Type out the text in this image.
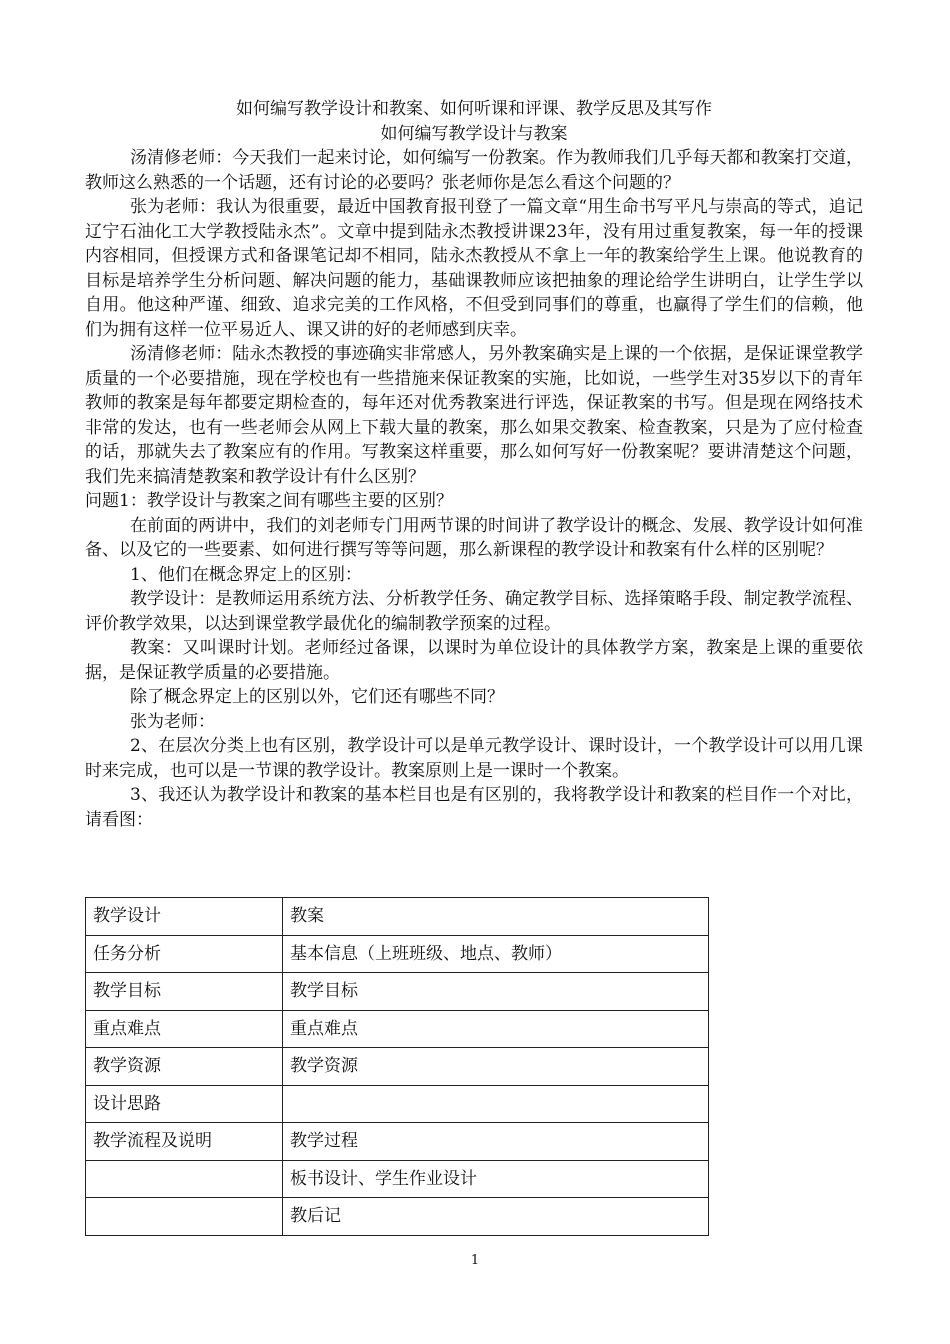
如何编写教学设计和教案、如何听课和评课、教学反思及其写作
如何编写教学设计与教案

汤清修老师：今天我们一起来讨论，如何编写一份教案。作为教师我们几乎每天都和教案打交道，教师这么熟悉的一个话题，还有讨论的必要吗？张老师你是怎么看这个问题的？

张为老师：我认为很重要，最近中国教育报刊登了一篇文章“用生命书写平凡与崇高的等式，追记辽宁石油化工大学教授陆永杰”。文章中提到陆永杰教授讲课23年，没有用过重复教案，每一年的授课内容相同，但授课方式和备课笔记却不相同，陆永杰教授从不拿上一年的教案给学生上课。他说教育的目标是培养学生分析问题、解决问题的能力，基础课教师应该把抽象的理论给学生讲明白，让学生学以自用。他这种严谨、细致、追求完美的工作风格，不但受到同事们的尊重，也赢得了学生们的信赖，他们为拥有这样一位平易近人、课又讲的好的老师感到庆幸。

汤清修老师：陆永杰教授的事迹确实非常感人，另外教案确实是上课的一个依据，是保证课堂教学质量的一个必要措施，现在学校也有一些措施来保证教案的实施，比如说，一些学生对35岁以下的青年教师的教案是每年都要定期检查的，每年还对优秀教案进行评选，保证教案的书写。但是现在网络技术非常的发达，也有一些老师会从网上下载大量的教案，那么如果交教案、检查教案，只是为了应付检查的话，那就失去了教案应有的作用。写教案这样重要，那么如何写好一份教案呢？要讲清楚这个问题，我们先来搞清楚教案和教学设计有什么区别？

问题1：教学设计与教案之间有哪些主要的区别？

在前面的两讲中，我们的刘老师专门用两节课的时间讲了教学设计的概念、发展、教学设计如何准备、以及它的一些要素、如何进行撰写等等问题，那么新课程的教学设计和教案有什么样的区别呢？

1、他们在概念界定上的区别：

教学设计：是教师运用系统方法、分析教学任务、确定教学目标、选择策略手段、制定教学流程、评价教学效果，以达到课堂教学最优化的编制教学预案的过程。

教案：又叫课时计划。老师经过备课，以课时为单位设计的具体教学方案，教案是上课的重要依据，是保证教学质量的必要措施。

除了概念界定上的区别以外，它们还有哪些不同？

张为老师：

2、在层次分类上也有区别，教学设计可以是单元教学设计、课时设计，一个教学设计可以用几课时来完成，也可以是一节课的教学设计。教案原则上是一课时一个教案。

3、我还认为教学设计和教案的基本栏目也是有区别的，我将教学设计和教案的栏目作一个对比，请看图：

教学设计	教案
任务分析	基本信息（上班班级、地点、教师）
教学目标	教学目标
重点难点	重点难点
教学资源	教学资源
设计思路	
教学流程及说明	教学过程
	板书设计、学生作业设计
	教后记
1
